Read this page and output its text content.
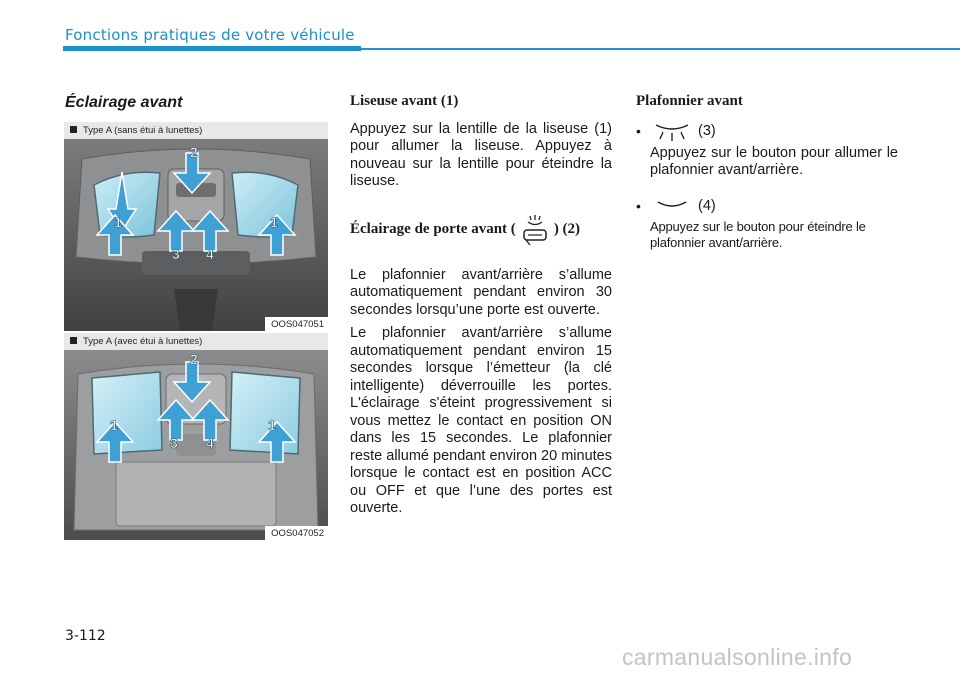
Fonctions pratiques de votre véhicule
Éclairage avant
Type A (sans étui à lunettes)
1
2
3 4
1
OOS047051
Type A (avec étui à lunettes)
1
2
3 4
1
OOS047052
Liseuse avant (1)

Appuyez sur la lentille de la liseuse (1) pour allumer la liseuse. Appuyez à nouveau sur la lentille pour éteindre la liseuse.

Éclairage de porte avant (	) (2)

Le plafonnier avant/arrière s’allume automatiquement pendant environ 30 secondes lorsqu’une porte est ouverte.

Le plafonnier avant/arrière s’allume automatiquement pendant environ 15 secondes lorsque l’émetteur (la clé intelligente) déverrouille les portes. L'éclairage s'éteint progressivement si vous mettez le contact en position ON dans les 15 secondes. Le plafonnier reste allumé pendant environ 20 minutes lorsque le contact est en position ACC ou OFF et que l’une des portes est ouverte.

Plafonnier avant
•	(3)

Appuyez sur le bouton pour allumer le plafonnier avant/arrière.

•	(4)

Appuyez sur le bouton pour éteindre le plafonnier avant/arrière.

3-112
carmanualsonline.info
